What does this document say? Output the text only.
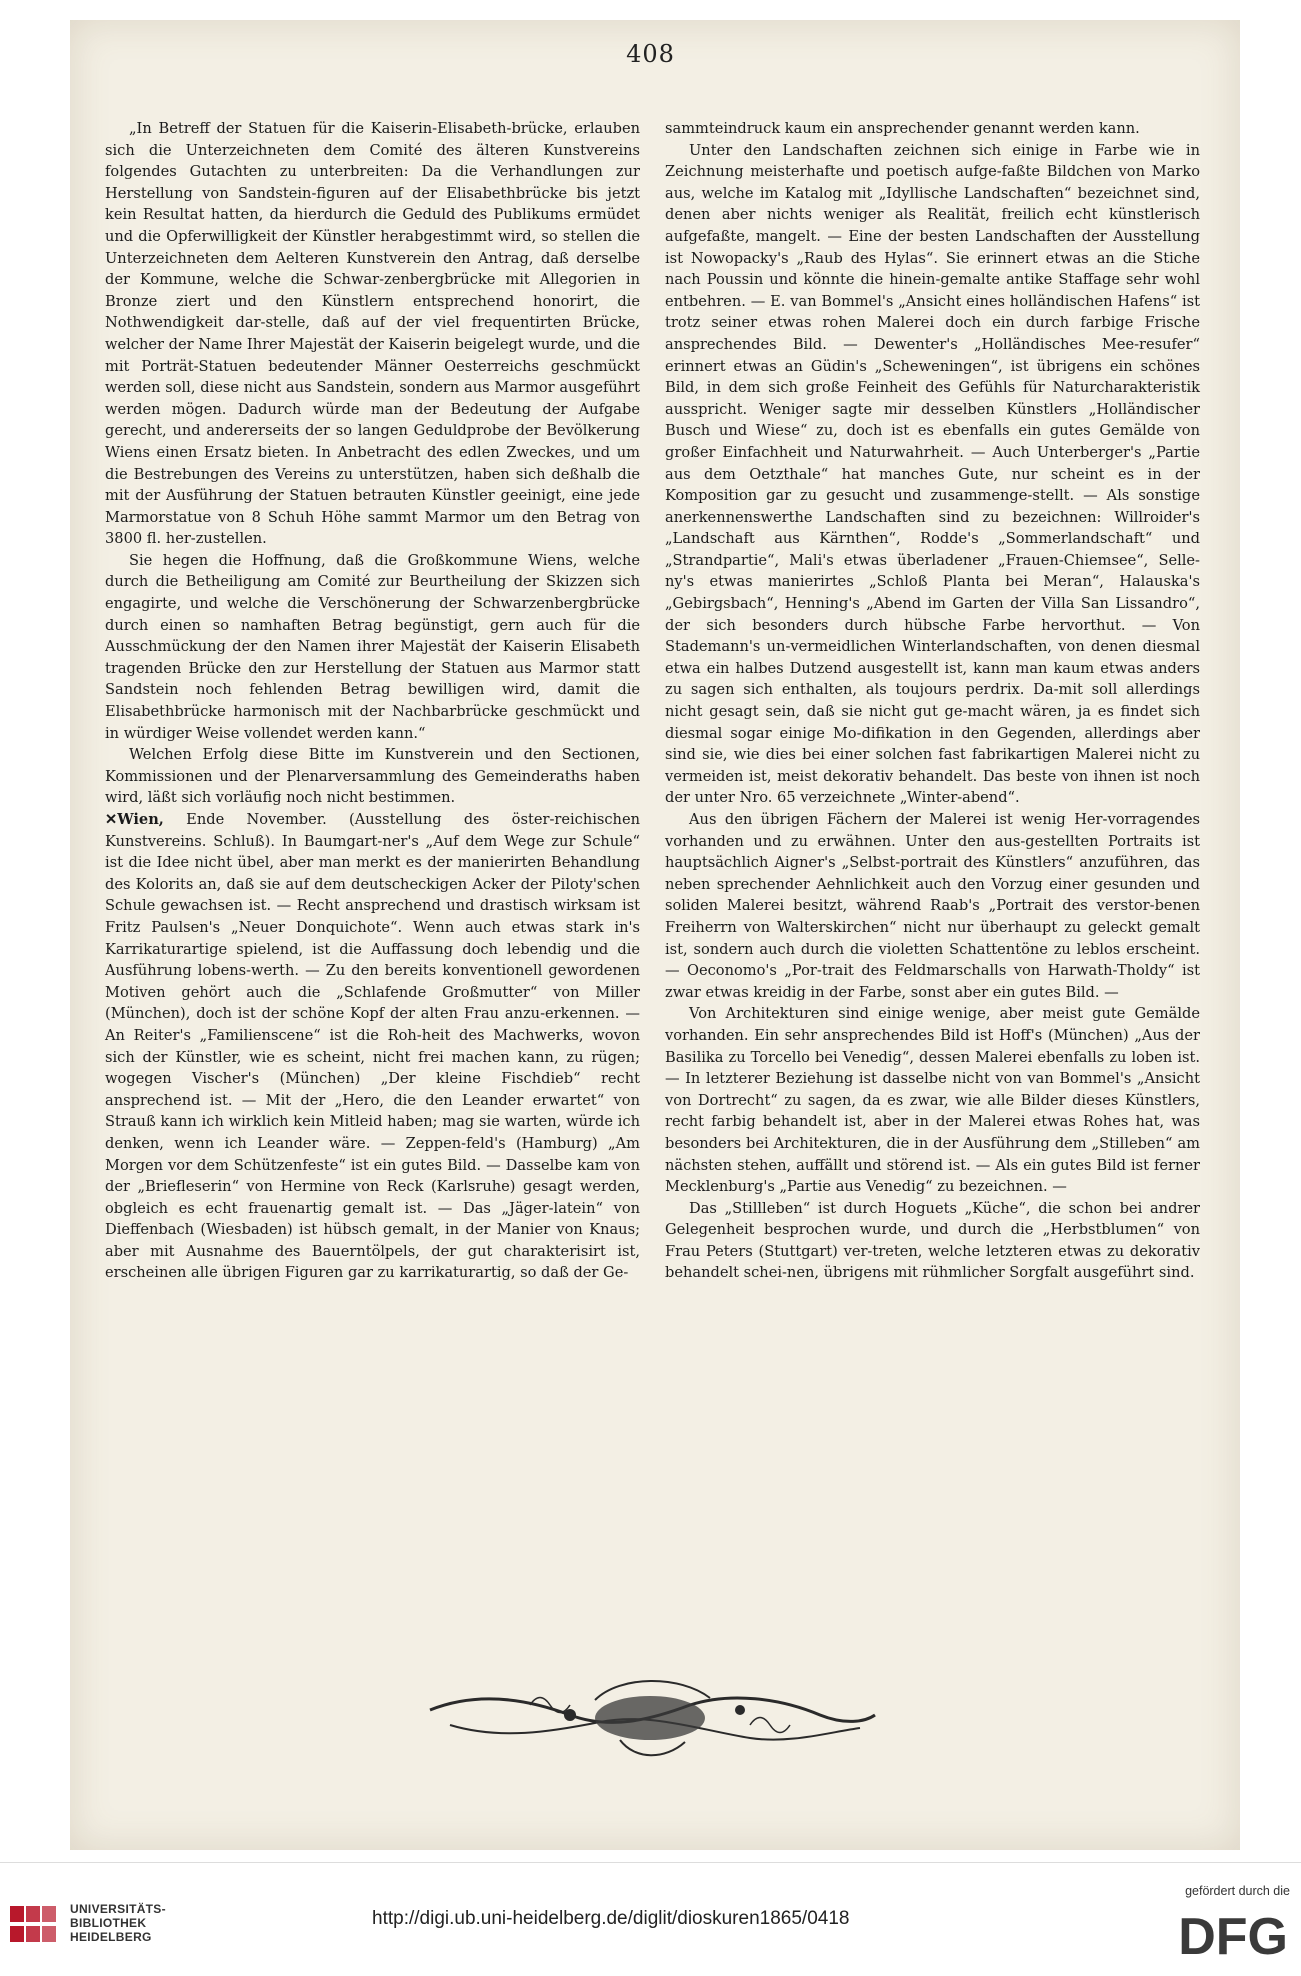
408

„In Betreff der Statuen für die Kaiserin-Elisabeth-brücke, erlauben sich die Unterzeichneten dem Comité des älteren Kunstvereins folgendes Gutachten zu unterbreiten: Da die Verhandlungen zur Herstellung von Sandstein-figuren auf der Elisabethbrücke bis jetzt kein Resultat hatten, da hierdurch die Geduld des Publikums ermüdet und die Opferwilligkeit der Künstler herabgestimmt wird, so stellen die Unterzeichneten dem Aelteren Kunstverein den Antrag, daß derselbe der Kommune, welche die Schwar-zenbergbrücke mit Allegorien in Bronze ziert und den Künstlern entsprechend honorirt, die Nothwendigkeit dar-stelle, daß auf der viel frequentirten Brücke, welcher der Name Ihrer Majestät der Kaiserin beigelegt wurde, und die mit Porträt-Statuen bedeutender Männer Oesterreichs geschmückt werden soll, diese nicht aus Sandstein, sondern aus Marmor ausgeführt werden mögen. Dadurch würde man der Bedeutung der Aufgabe gerecht, und andererseits der so langen Geduldprobe der Bevölkerung Wiens einen Ersatz bieten. In Anbetracht des edlen Zweckes, und um die Bestrebungen des Vereins zu unterstützen, haben sich deßhalb die mit der Ausführung der Statuen betrauten Künstler geeinigt, eine jede Marmorstatue von 8 Schuh Höhe sammt Marmor um den Betrag von 3800 fl. her-zustellen.

Sie hegen die Hoffnung, daß die Großkommune Wiens, welche durch die Betheiligung am Comité zur Beurtheilung der Skizzen sich engagirte, und welche die Verschönerung der Schwarzenbergbrücke durch einen so namhaften Betrag begünstigt, gern auch für die Ausschmückung der den Namen ihrer Majestät der Kaiserin Elisabeth tragenden Brücke den zur Herstellung der Statuen aus Marmor statt Sandstein noch fehlenden Betrag bewilligen wird, damit die Elisabethbrücke harmonisch mit der Nachbarbrücke geschmückt und in würdiger Weise vollendet werden kann.“

Welchen Erfolg diese Bitte im Kunstverein und den Sectionen, Kommissionen und der Plenarversammlung des Gemeinderaths haben wird, läßt sich vorläufig noch nicht bestimmen.

✕Wien, Ende November. (Ausstellung des öster-reichischen Kunstvereins. Schluß). In Baumgart-ner's „Auf dem Wege zur Schule“ ist die Idee nicht übel, aber man merkt es der manierirten Behandlung des Kolorits an, daß sie auf dem deutscheckigen Acker der Piloty'schen Schule gewachsen ist. — Recht ansprechend und drastisch wirksam ist Fritz Paulsen's „Neuer Donquichote“. Wenn auch etwas stark in's Karrikaturartige spielend, ist die Auffassung doch lebendig und die Ausführung lobens-werth. — Zu den bereits konventionell gewordenen Motiven gehört auch die „Schlafende Großmutter“ von Miller (München), doch ist der schöne Kopf der alten Frau anzu-erkennen. — An Reiter's „Familienscene“ ist die Roh-heit des Machwerks, wovon sich der Künstler, wie es scheint, nicht frei machen kann, zu rügen; wogegen Vischer's (München) „Der kleine Fischdieb“ recht ansprechend ist. — Mit der „Hero, die den Leander erwartet“ von Strauß kann ich wirklich kein Mitleid haben; mag sie warten, würde ich denken, wenn ich Leander wäre. — Zeppen-feld's (Hamburg) „Am Morgen vor dem Schützenfeste“ ist ein gutes Bild. — Dasselbe kam von der „Briefleserin“ von Hermine von Reck (Karlsruhe) gesagt werden, obgleich es echt frauenartig gemalt ist. — Das „Jäger-latein“ von Dieffenbach (Wiesbaden) ist hübsch gemalt, in der Manier von Knaus; aber mit Ausnahme des Bauerntölpels, der gut charakterisirt ist, erscheinen alle übrigen Figuren gar zu karrikaturartig, so daß der Ge-

sammteindruck kaum ein ansprechender genannt werden kann.

Unter den Landschaften zeichnen sich einige in Farbe wie in Zeichnung meisterhafte und poetisch aufge-faßte Bildchen von Marko aus, welche im Katalog mit „Idyllische Landschaften“ bezeichnet sind, denen aber nichts weniger als Realität, freilich echt künstlerisch aufgefaßte, mangelt. — Eine der besten Landschaften der Ausstellung ist Nowopacky's „Raub des Hylas“. Sie erinnert etwas an die Stiche nach Poussin und könnte die hinein-gemalte antike Staffage sehr wohl entbehren. — E. van Bommel's „Ansicht eines holländischen Hafens“ ist trotz seiner etwas rohen Malerei doch ein durch farbige Frische ansprechendes Bild. — Dewenter's „Holländisches Mee-resufer“ erinnert etwas an Güdin's „Scheweningen“, ist übrigens ein schönes Bild, in dem sich große Feinheit des Gefühls für Naturcharakteristik ausspricht. Weniger sagte mir desselben Künstlers „Holländischer Busch und Wiese“ zu, doch ist es ebenfalls ein gutes Gemälde von großer Einfachheit und Naturwahrheit. — Auch Unterberger's „Partie aus dem Oetzthale“ hat manches Gute, nur scheint es in der Komposition gar zu gesucht und zusammenge-stellt. — Als sonstige anerkennenswerthe Landschaften sind zu bezeichnen: Willroider's „Landschaft aus Kärnthen“, Rodde's „Sommerlandschaft“ und „Strandpartie“, Mali's etwas überladener „Frauen-Chiemsee“, Selle-ny's etwas manierirtes „Schloß Planta bei Meran“, Halauska's „Gebirgsbach“, Henning's „Abend im Garten der Villa San Lissandro“, der sich besonders durch hübsche Farbe hervorthut. — Von Stademann's un-vermeidlichen Winterlandschaften, von denen diesmal etwa ein halbes Dutzend ausgestellt ist, kann man kaum etwas anders zu sagen sich enthalten, als toujours perdrix. Da-mit soll allerdings nicht gesagt sein, daß sie nicht gut ge-macht wären, ja es findet sich diesmal sogar einige Mo-difikation in den Gegenden, allerdings aber sind sie, wie dies bei einer solchen fast fabrikartigen Malerei nicht zu vermeiden ist, meist dekorativ behandelt. Das beste von ihnen ist noch der unter Nro. 65 verzeichnete „Winter-abend“.

Aus den übrigen Fächern der Malerei ist wenig Her-vorragendes vorhanden und zu erwähnen. Unter den aus-gestellten Portraits ist hauptsächlich Aigner's „Selbst-portrait des Künstlers“ anzuführen, das neben sprechender Aehnlichkeit auch den Vorzug einer gesunden und soliden Malerei besitzt, während Raab's „Portrait des verstor-benen Freiherrn von Walterskirchen“ nicht nur überhaupt zu geleckt gemalt ist, sondern auch durch die violetten Schattentöne zu leblos erscheint. — Oeconomo's „Por-trait des Feldmarschalls von Harwath-Tholdy“ ist zwar etwas kreidig in der Farbe, sonst aber ein gutes Bild. —

Von Architekturen sind einige wenige, aber meist gute Gemälde vorhanden. Ein sehr ansprechendes Bild ist Hoff's (München) „Aus der Basilika zu Torcello bei Venedig“, dessen Malerei ebenfalls zu loben ist. — In letzterer Beziehung ist dasselbe nicht von van Bommel's „Ansicht von Dortrecht“ zu sagen, da es zwar, wie alle Bilder dieses Künstlers, recht farbig behandelt ist, aber in der Malerei etwas Rohes hat, was besonders bei Architekturen, die in der Ausführung dem „Stilleben“ am nächsten stehen, auffällt und störend ist. — Als ein gutes Bild ist ferner Mecklenburg's „Partie aus Venedig“ zu bezeichnen. —

Das „Stillleben“ ist durch Hoguets „Küche“, die schon bei andrer Gelegenheit besprochen wurde, und durch die „Herbstblumen“ von Frau Peters (Stuttgart) ver-treten, welche letzteren etwas zu dekorativ behandelt schei-nen, übrigens mit rühmlicher Sorgfalt ausgeführt sind.

UNIVERSITÄTS-
BIBLIOTHEK
HEIDELBERG
http://digi.ub.uni-heidelberg.de/diglit/dioskuren1865/0418
gefördert durch die
DFG
